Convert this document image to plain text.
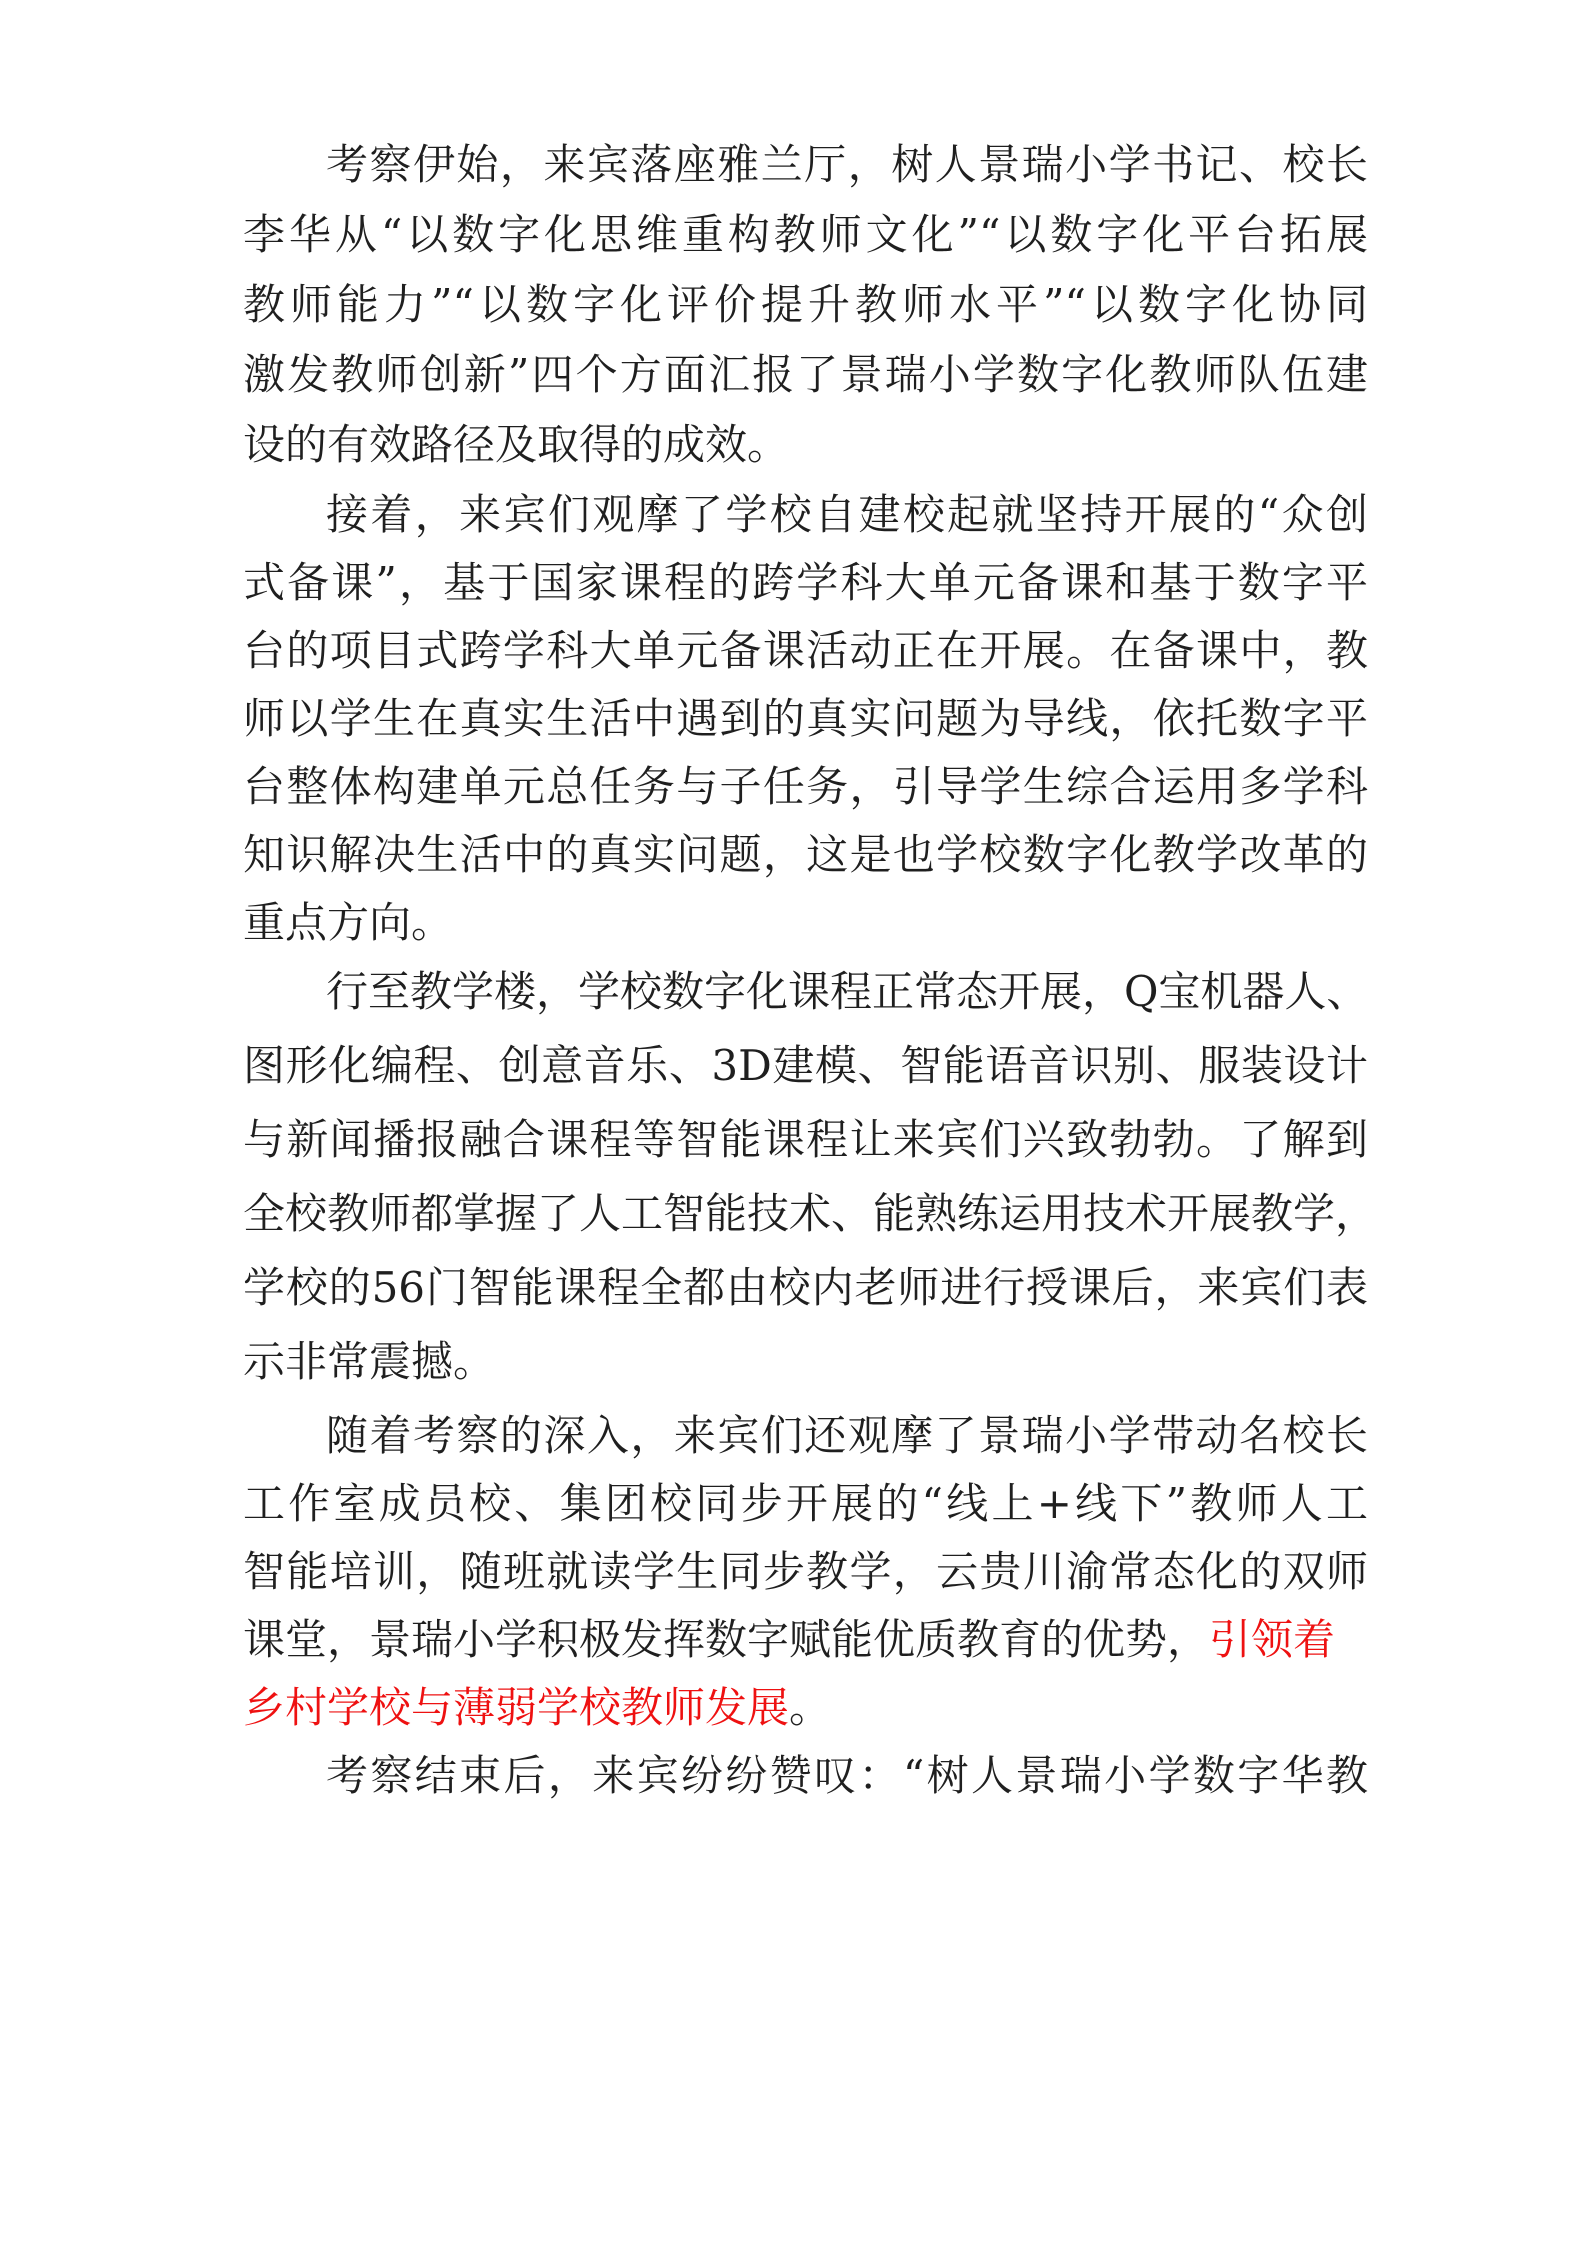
考察伊始，来宾落座雅兰厅，树人景瑞小学书记、校长
李华从“以数字化思维重构教师文化”“以数字化平台拓展
教师能力”“以数字化评价提升教师水平”“以数字化协同
激发教师创新”四个方面汇报了景瑞小学数字化教师队伍建
设的有效路径及取得的成效。
接着，来宾们观摩了学校自建校起就坚持开展的“众创
式备课”，基于国家课程的跨学科大单元备课和基于数字平
台的项目式跨学科大单元备课活动正在开展。在备课中，教
师以学生在真实生活中遇到的真实问题为导线，依托数字平
台整体构建单元总任务与子任务，引导学生综合运用多学科
知识解决生活中的真实问题，这是也学校数字化教学改革的
重点方向。
行至教学楼，学校数字化课程正常态开展，Q宝机器人、
图形化编程、创意音乐、3D建模、智能语音识别、服装设计
与新闻播报融合课程等智能课程让来宾们兴致勃勃。了解到
全校教师都掌握了人工智能技术、能熟练运用技术开展教学，
学校的56门智能课程全都由校内老师进行授课后，来宾们表
示非常震撼。
随着考察的深入，来宾们还观摩了景瑞小学带动名校长
工作室成员校、集团校同步开展的“线上+线下”教师人工
智能培训，随班就读学生同步教学，云贵川渝常态化的双师
课堂，景瑞小学积极发挥数字赋能优质教育的优势，引领着
乡村学校与薄弱学校教师发展。
考察结束后，来宾纷纷赞叹：“树人景瑞小学数字华教
